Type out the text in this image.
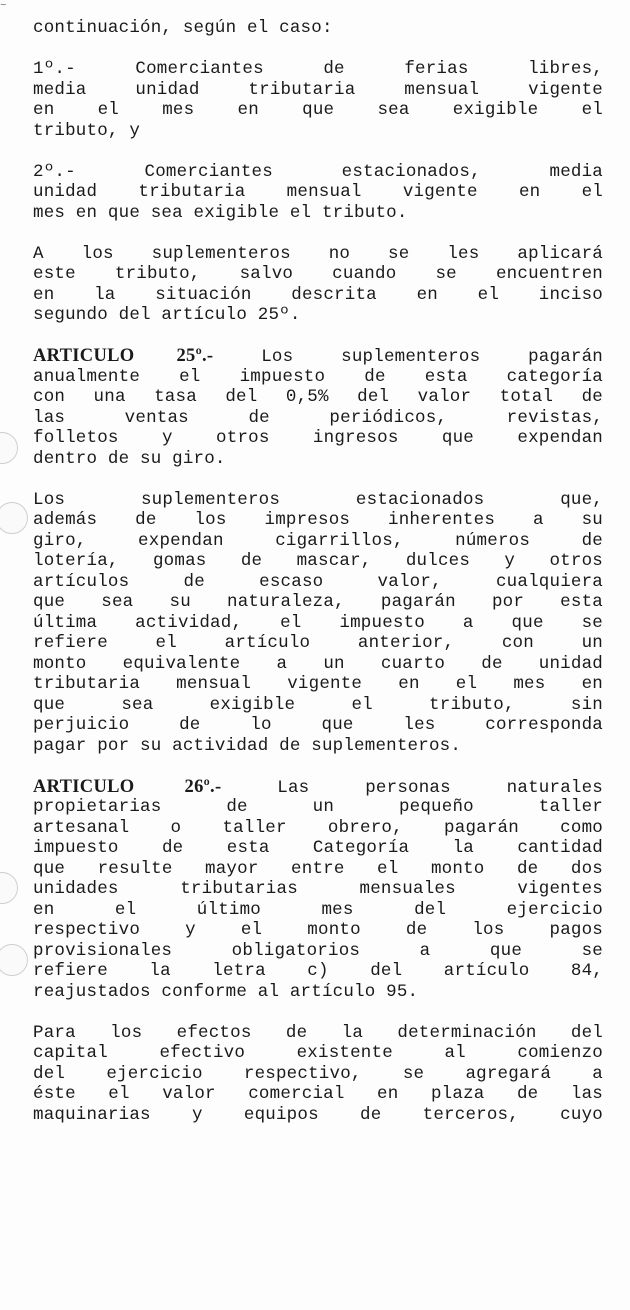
~
continuación, según el caso:
1º.- Comerciantes de ferias libres,
media unidad tributaria mensual vigente
en el mes en que sea exigible el
tributo, y
2º.- Comerciantes estacionados, media
unidad tributaria mensual vigente en el
mes en que sea exigible el tributo.
A los suplementeros no se les aplicará
este tributo, salvo cuando se encuentren
en la situación descrita en el inciso
segundo del artículo 25º.
ARTICULO 25º.- Los suplementeros pagarán
anualmente el impuesto de esta categoría
con una tasa del 0,5% del valor total de
las ventas de periódicos, revistas,
folletos y otros ingresos que expendan
dentro de su giro.
Los suplementeros estacionados que,
además de los impresos inherentes a su
giro, expendan cigarrillos, números de
lotería, gomas de mascar, dulces y otros
artículos de escaso valor, cualquiera
que sea su naturaleza, pagarán por esta
última actividad, el impuesto a que se
refiere el artículo anterior, con un
monto equivalente a un cuarto de unidad
tributaria mensual vigente en el mes en
que sea exigible el tributo, sin
perjuicio de lo que les corresponda
pagar por su actividad de suplementeros.
ARTICULO 26º.- Las personas naturales
propietarias de un pequeño taller
artesanal o taller obrero, pagarán como
impuesto de esta Categoría la cantidad
que resulte mayor entre el monto de dos
unidades tributarias mensuales vigentes
en el último mes del ejercicio
respectivo y el monto de los pagos
provisionales obligatorios a que se
refiere la letra c) del artículo 84,
reajustados conforme al artículo 95.
Para los efectos de la determinación del
capital efectivo existente al comienzo
del ejercicio respectivo, se agregará a
éste el valor comercial en plaza de las
maquinarias y equipos de terceros, cuyo
